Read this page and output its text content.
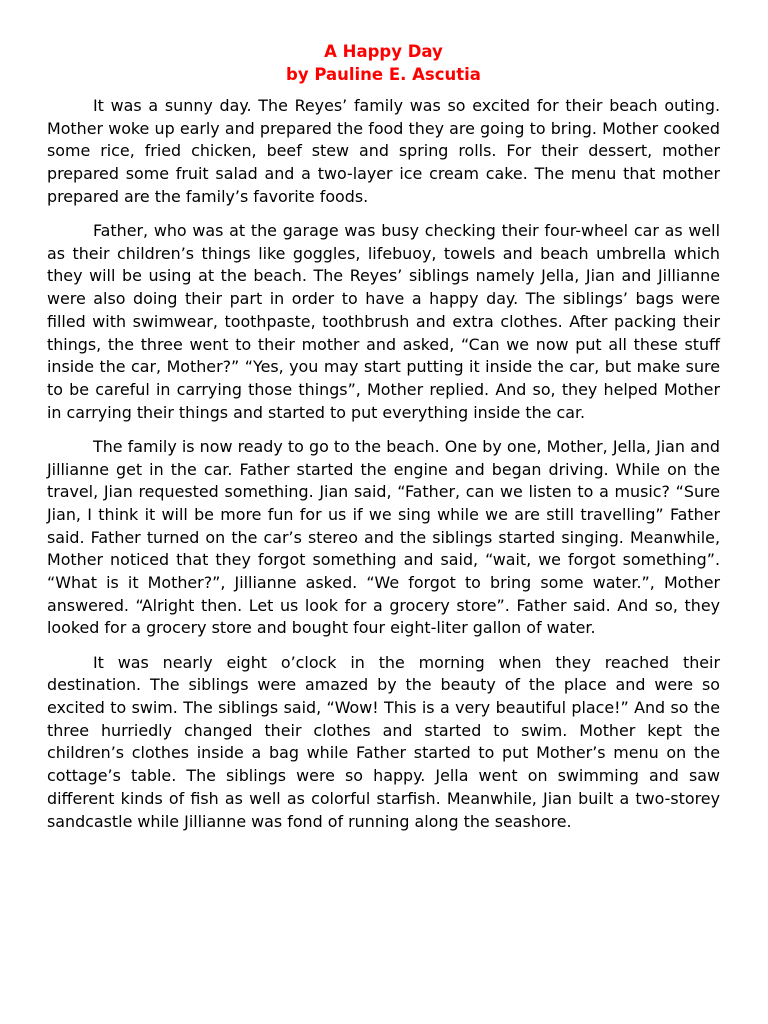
A Happy Day
by Pauline E. Ascutia

It was a sunny day. The Reyes’ family was so excited for their beach outing. Mother woke up early and prepared the food they are going to bring. Mother cooked some rice, fried chicken, beef stew and spring rolls. For their dessert, mother prepared some fruit salad and a two-layer ice cream cake. The menu that mother prepared are the family’s favorite foods.

Father, who was at the garage was busy checking their four-wheel car as well as their children’s things like goggles, lifebuoy, towels and beach umbrella which they will be using at the beach. The Reyes’ siblings namely Jella, Jian and Jillianne were also doing their part in order to have a happy day. The siblings’ bags were filled with swimwear, toothpaste, toothbrush and extra clothes. After packing their things, the three went to their mother and asked, “Can we now put all these stuff inside the car, Mother?” “Yes, you may start putting it inside the car, but make sure to be careful in carrying those things”, Mother replied. And so, they helped Mother in carrying their things and started to put everything inside the car.

The family is now ready to go to the beach. One by one, Mother, Jella, Jian and Jillianne get in the car. Father started the engine and began driving. While on the travel, Jian requested something. Jian said, “Father, can we listen to a music? “Sure Jian, I think it will be more fun for us if we sing while we are still travelling” Father said. Father turned on the car’s stereo and the siblings started singing. Meanwhile, Mother noticed that they forgot something and said, “wait, we forgot something”. “What is it Mother?”, Jillianne asked. “We forgot to bring some water.”, Mother answered. “Alright then. Let us look for a grocery store”. Father said. And so, they looked for a grocery store and bought four eight-liter gallon of water.

It was nearly eight o’clock in the morning when they reached their destination. The siblings were amazed by the beauty of the place and were so excited to swim. The siblings said, “Wow! This is a very beautiful place!” And so the three hurriedly changed their clothes and started to swim. Mother kept the children’s clothes inside a bag while Father started to put Mother’s menu on the cottage’s table. The siblings were so happy. Jella went on swimming and saw different kinds of fish as well as colorful starfish. Meanwhile, Jian built a two-storey sandcastle while Jillianne was fond of running along the seashore.
